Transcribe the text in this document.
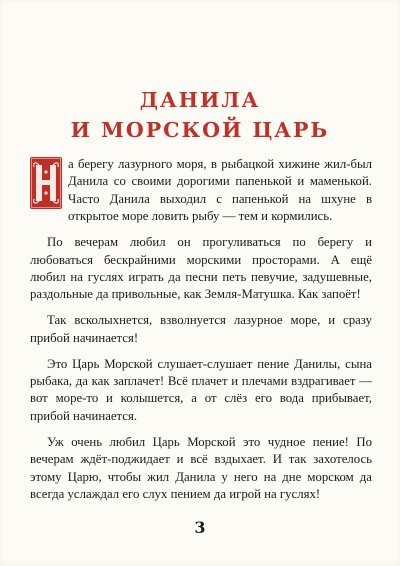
ДАНИЛА
И МОРСКОЙ ЦАРЬ

а берегу лазурного моря, в рыбацкой хижине жил-был Данила со своими дорогими папенькой и маменькой. Часто Данила выходил с папенькой на шхуне в открытое море ловить рыбу — тем и кормились.

По вечерам любил он прогуливаться по берегу и любоваться бескрайними морскими просторами. А ещё любил на гуслях играть да песни петь певучие, задушевные, раздольные да привольные, как Земля-Матушка. Как запоёт!

Так всколыхнется, взволнуется лазурное море, и сразу прибой начинается!

Это Царь Морской слушает-слушает пение Данилы, сына рыбака, да как заплачет! Всё плачет и плечами вздрагивает — вот море-то и колышется, а от слёз его вода прибывает, прибой начинается.

Уж очень любил Царь Морской это чудное пение! По вечерам ждёт-поджидает и всё вздыхает. И так захотелось этому Царю, чтобы жил Данила у него на дне морском да всегда услаждал его слух пением да игрой на гуслях!

3
